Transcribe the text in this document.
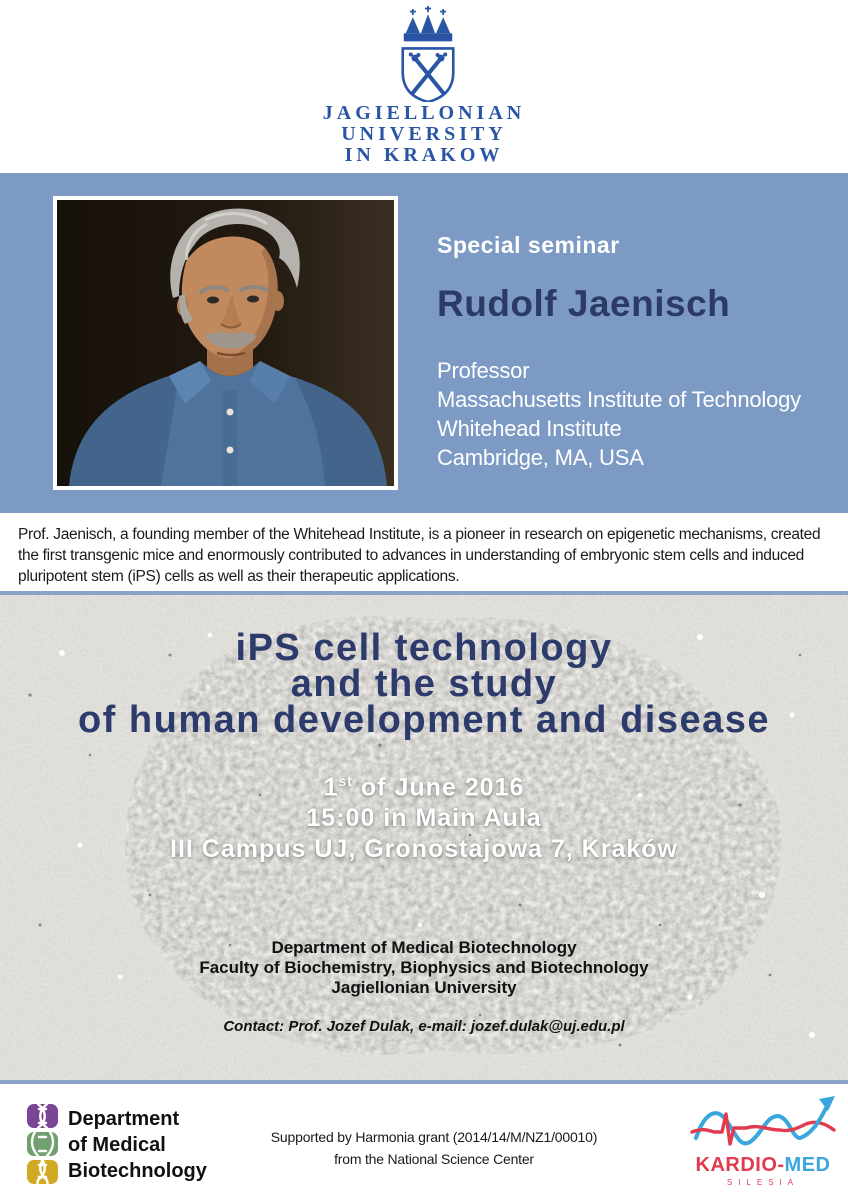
JAGIELLONIAN
UNIVERSITY
IN KRAKOW
Special seminar
Rudolf Jaenisch
Professor
Massachusetts Institute of Technology
Whitehead Institute
Cambridge, MA, USA
Prof. Jaenisch, a founding member of the Whitehead Institute, is a pioneer in research on epigenetic mechanisms, created the first transgenic mice and enormously contributed to advances in understanding of embryonic stem cells and induced pluripotent stem (iPS) cells as well as their therapeutic applications.
iPS cell technology
and the study
of human development and disease
1st of June 2016
15:00 in Main Aula
III Campus UJ, Gronostajowa 7, Kraków
Department of Medical Biotechnology
Faculty of Biochemistry, Biophysics and Biotechnology
Jagiellonian University
Contact: Prof. Jozef Dulak, e-mail: jozef.dulak@uj.edu.pl
Department
of Medical
Biotechnology
Supported by Harmonia grant (2014/14/M/NZ1/00010)
from the National Science Center	KARDIO-MED
SILESIA
